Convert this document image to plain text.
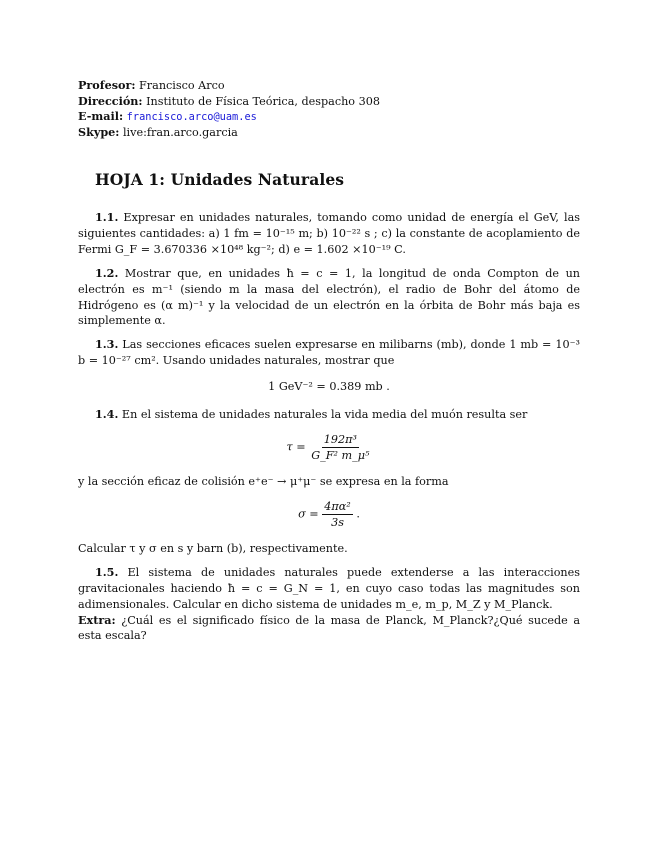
Profesor: Francisco Arco
Dirección: Instituto de Física Teórica, despacho 308
E-mail: francisco.arco@uam.es
Skype: live:fran.arco.garcia
HOJA 1: Unidades Naturales
1.1. Expresar en unidades naturales, tomando como unidad de energía el GeV, las siguientes cantidades: a) 1 fm = 10⁻¹⁵ m; b) 10⁻²² s ; c) la constante de acoplamiento de Fermi G_F = 3.670336 ×10⁴⁸ kg⁻²; d) e = 1.602 ×10⁻¹⁹ C.
1.2. Mostrar que, en unidades ħ = c = 1, la longitud de onda Compton de un electrón es m⁻¹ (siendo m la masa del electrón), el radio de Bohr del átomo de Hidrógeno es (α m)⁻¹ y la velocidad de un electrón en la órbita de Bohr más baja es simplemente α.
1.3. Las secciones eficaces suelen expresarse en milibarns (mb), donde 1 mb = 10⁻³ b = 10⁻²⁷ cm². Usando unidades naturales, mostrar que
1 GeV⁻² = 0.389 mb .
1.4. En el sistema de unidades naturales la vida media del muón resulta ser
$\tau = \frac{\text{192π³}}{\text{G\_F² m\_μ⁵}}$
y la sección eficaz de colisión e⁺e⁻ → μ⁺μ⁻ se expresa en la forma
$\sigma = \frac{\text{4πα²}}{3s}$ .
Calcular τ y σ en s y barn (b), respectivamente.
1.5. El sistema de unidades naturales puede extenderse a las interacciones gravitacionales haciendo ħ = c = G_N = 1, en cuyo caso todas las magnitudes son adimensionales. Calcular en dicho sistema de unidades m_e, m_p, M_Z y M_Planck.
Extra: ¿Cuál es el significado físico de la masa de Planck, M_Planck?¿Qué sucede a esta escala?
